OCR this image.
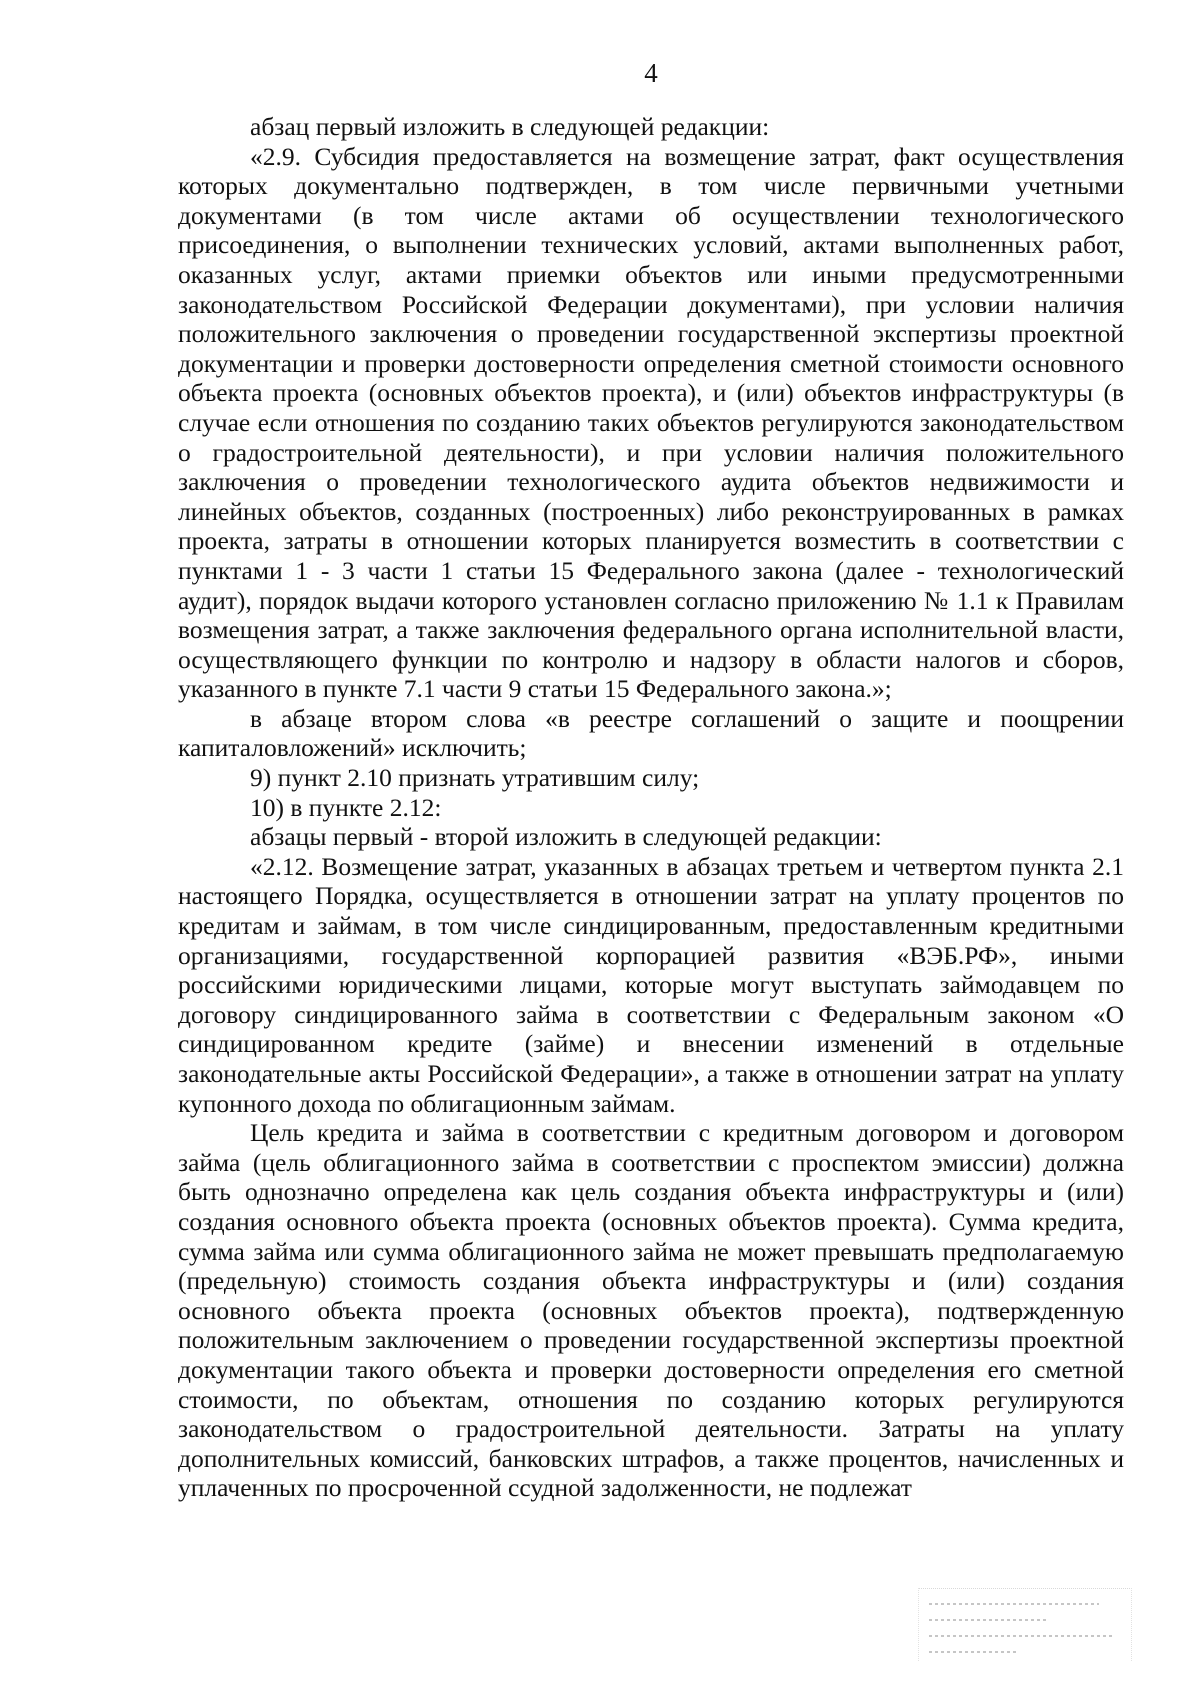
4

абзац первый изложить в следующей редакции:

«2.9. Субсидия предоставляется на возмещение затрат, факт осуществления которых документально подтвержден, в том числе первичными учетными документами (в том числе актами об осуществлении технологического присоединения, о выполнении технических условий, актами выполненных работ, оказанных услуг, актами приемки объектов или иными предусмотренными законодательством Российской Федерации документами), при условии наличия положительного заключения о проведении государственной экспертизы проектной документации и проверки достоверности определения сметной стоимости основного объекта проекта (основных объектов проекта), и (или) объектов инфраструктуры (в случае если отношения по созданию таких объектов регулируются законодательством о градостроительной деятельности), и при условии наличия положительного заключения о проведении технологического аудита объектов недвижимости и линейных объектов, созданных (построенных) либо реконструированных в рамках проекта, затраты в отношении которых планируется возместить в соответствии с пунктами 1 - 3 части 1 статьи 15 Федерального закона (далее - технологический аудит), порядок выдачи которого установлен согласно приложению № 1.1 к Правилам возмещения затрат, а также заключения федерального органа исполнительной власти, осуществляющего функции по контролю и надзору в области налогов и сборов, указанного в пункте 7.1 части 9 статьи 15 Федерального закона.»;

в абзаце втором слова «в реестре соглашений о защите и поощрении капиталовложений» исключить;

9) пункт 2.10 признать утратившим силу;

10) в пункте 2.12:

абзацы первый - второй изложить в следующей редакции:

«2.12. Возмещение затрат, указанных в абзацах третьем и четвертом пункта 2.1 настоящего Порядка, осуществляется в отношении затрат на уплату процентов по кредитам и займам, в том числе синдицированным, предоставленным кредитными организациями, государственной корпорацией развития «ВЭБ.РФ», иными российскими юридическими лицами, которые могут выступать займодавцем по договору синдицированного займа в соответствии с Федеральным законом «О синдицированном кредите (займе) и внесении изменений в отдельные законодательные акты Российской Федерации», а также в отношении затрат на уплату купонного дохода по облигационным займам.

Цель кредита и займа в соответствии с кредитным договором и договором займа (цель облигационного займа в соответствии с проспектом эмиссии) должна быть однозначно определена как цель создания объекта инфраструктуры и (или) создания основного объекта проекта (основных объектов проекта). Сумма кредита, сумма займа или сумма облигационного займа не может превышать предполагаемую (предельную) стоимость создания объекта инфраструктуры и (или) создания основного объекта проекта (основных объектов проекта), подтвержденную положительным заключением о проведении государственной экспертизы проектной документации такого объекта и проверки достоверности определения его сметной стоимости, по объектам, отношения по созданию которых регулируются законодательством о градостроительной деятельности. Затраты на уплату дополнительных комиссий, банковских штрафов, а также процентов, начисленных и уплаченных по просроченной ссудной задолженности, не подлежат
